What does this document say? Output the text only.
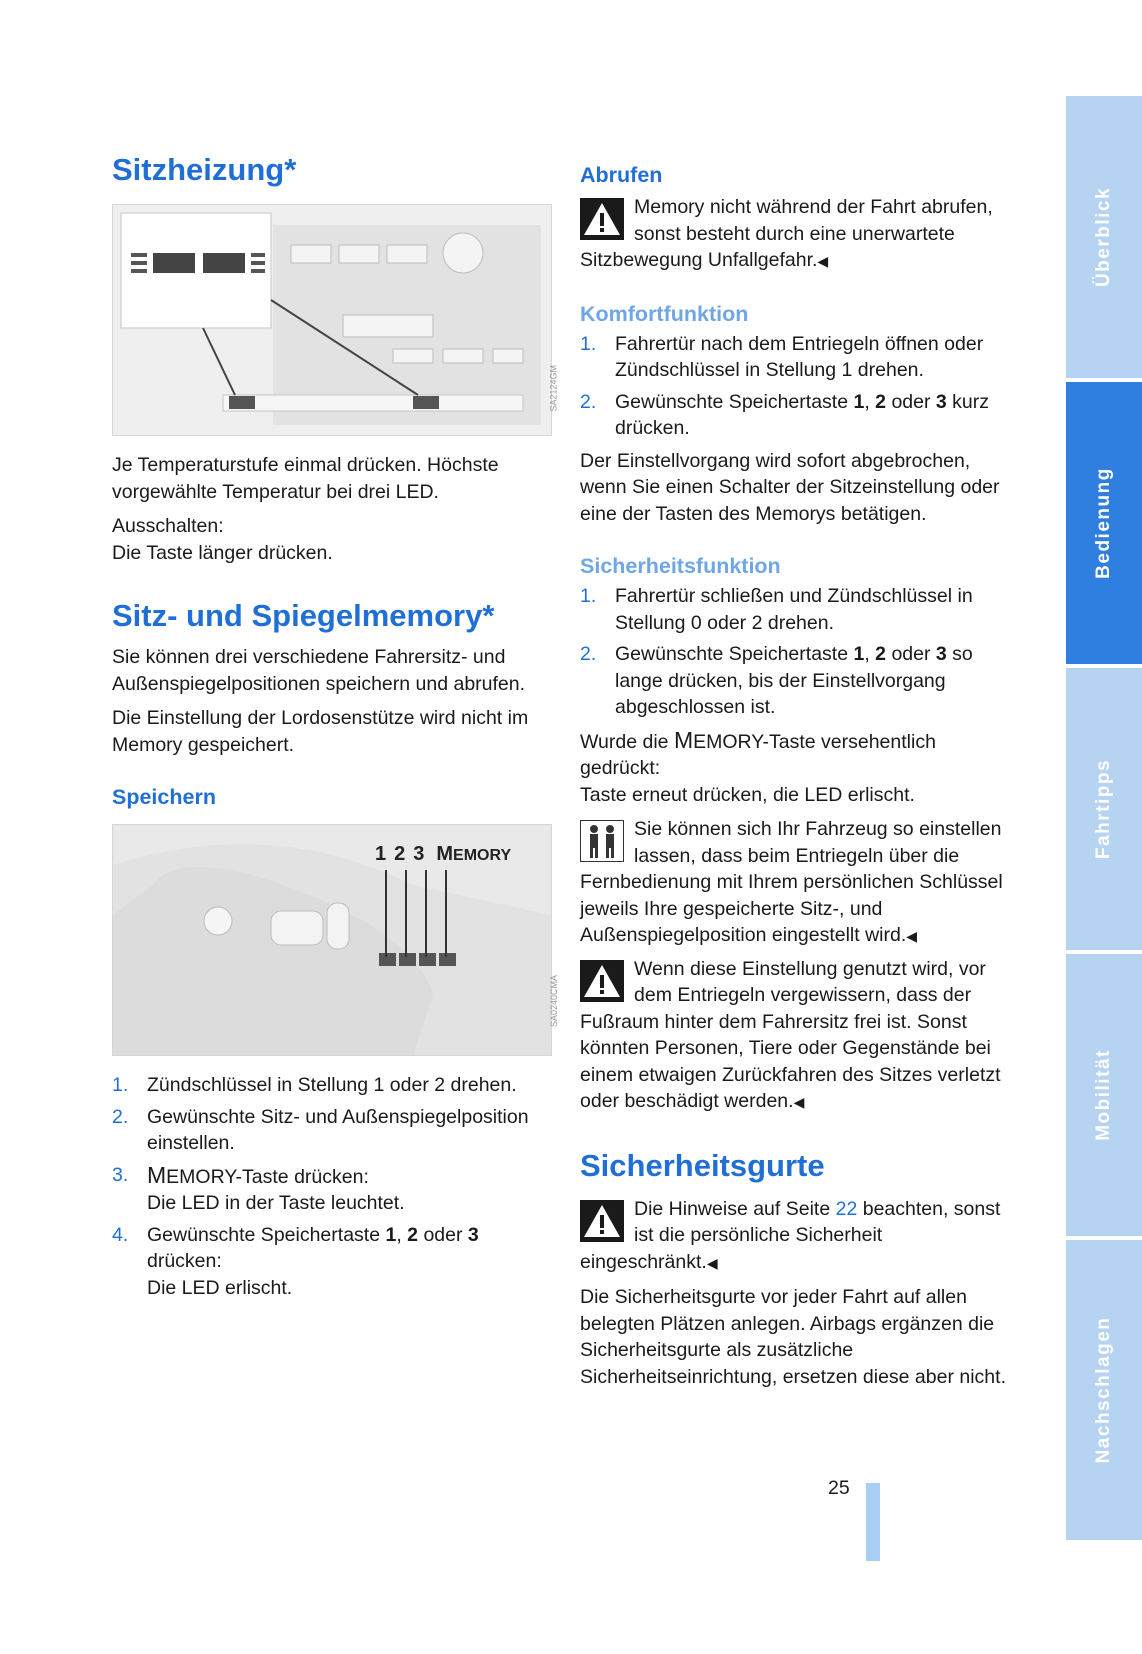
Sitzheizung*
SA2124GM

Je Temperaturstufe einmal drücken. Höchste vorgewählte Temperatur bei drei LED.

Ausschalten:

Die Taste länger drücken.

Sitz- und Spiegelmemory*

Sie können drei verschiedene Fahrersitz- und Außenspiegelpositionen speichern und abrufen.

Die Einstellung der Lordosenstütze wird nicht im Memory gespeichert.

Speichern
1 2 3 MEMORY
SA0240CMA
1. Zündschlüssel in Stellung 1 oder 2 drehen.
2. Gewünschte Sitz- und Außenspiegelposition einstellen.
3. MEMORY-Taste drücken:
Die LED in der Taste leuchtet.
4. Gewünschte Speichertaste 1, 2 oder 3 drücken:
Die LED erlischt.
Abrufen

Memory nicht während der Fahrt abrufen, sonst besteht durch eine unerwartete Sitzbewegung Unfallgefahr.◀

Komfortfunktion
1. Fahrertür nach dem Entriegeln öffnen oder Zündschlüssel in Stellung 1 drehen.
2. Gewünschte Speichertaste 1, 2 oder 3 kurz drücken.

Der Einstellvorgang wird sofort abgebrochen, wenn Sie einen Schalter der Sitzeinstellung oder eine der Tasten des Memorys betätigen.

Sicherheitsfunktion
1. Fahrertür schließen und Zündschlüssel in Stellung 0 oder 2 drehen.
2. Gewünschte Speichertaste 1, 2 oder 3 so lange drücken, bis der Einstellvorgang abgeschlossen ist.

Wurde die MEMORY-Taste versehentlich gedrückt:

Taste erneut drücken, die LED erlischt.

Sie können sich Ihr Fahrzeug so einstellen lassen, dass beim Entriegeln über die Fernbedienung mit Ihrem persönlichen Schlüssel jeweils Ihre gespeicherte Sitz-, und Außenspiegelposition eingestellt wird.◀

Wenn diese Einstellung genutzt wird, vor dem Entriegeln vergewissern, dass der Fußraum hinter dem Fahrersitz frei ist. Sonst könnten Personen, Tiere oder Gegenstände bei einem etwaigen Zurückfahren des Sitzes verletzt oder beschädigt werden.◀

Sicherheitsgurte

Die Hinweise auf Seite 22 beachten, sonst ist die persönliche Sicherheit eingeschränkt.◀

Die Sicherheitsgurte vor jeder Fahrt auf allen belegten Plätzen anlegen. Airbags ergänzen die Sicherheitsgurte als zusätzliche Sicherheitseinrichtung, ersetzen diese aber nicht.

Überblick
Bedienung
Fahrtipps
Mobilität
Nachschlagen
25
